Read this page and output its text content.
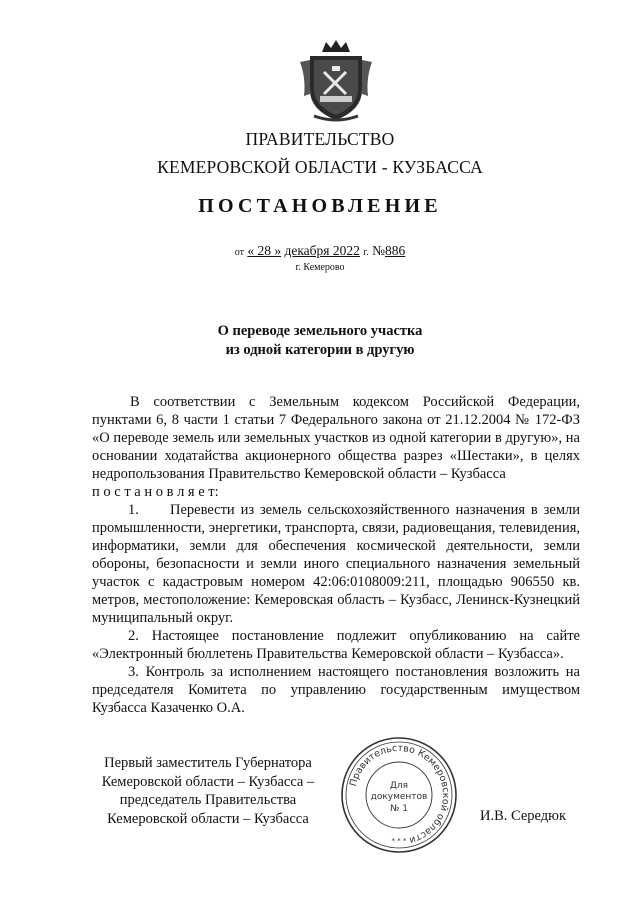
ПРАВИТЕЛЬСТВО
КЕМЕРОВСКОЙ ОБЛАСТИ - КУЗБАССА
ПОСТАНОВЛЕНИЕ
от « 28 » декабря 2022 г. №886
г. Кемерово
О переводе земельного участка
из одной категории в другую

В соответствии с Земельным кодексом Российской Федерации, пунктами 6, 8 части 1 статьи 7 Федерального закона от 21.12.2004 № 172-ФЗ «О переводе земель или земельных участков из одной категории в другую», на основании ходатайства акционерного общества разрез «Шестаки», в целях недропользования Правительство Кемеровской области – Кузбасса

п о с т а н о в л я е т:

1. Перевести из земель сельскохозяйственного назначения в земли промышленности, энергетики, транспорта, связи, радиовещания, телевидения, информатики, земли для обеспечения космической деятельности, земли обороны, безопасности и земли иного специального назначения земельный участок с кадастровым номером 42:06:0108009:211, площадью 906550 кв. метров, местоположение: Кемеровская область – Кузбасс, Ленинск-Кузнецкий муниципальный округ.

2. Настоящее постановление подлежит опубликованию на сайте «Электронный бюллетень Правительства Кемеровской области – Кузбасса».

3. Контроль за исполнением настоящего постановления возложить на председателя Комитета по управлению государственным имуществом Кузбасса Казаченко О.А.

Первый заместитель Губернатора
Кемеровской области – Кузбасса –
председатель Правительства
Кемеровской области – Кузбасса
Правительство Кемеровской области
* * *
Для
документов
№ 1	И.В. Середюк
